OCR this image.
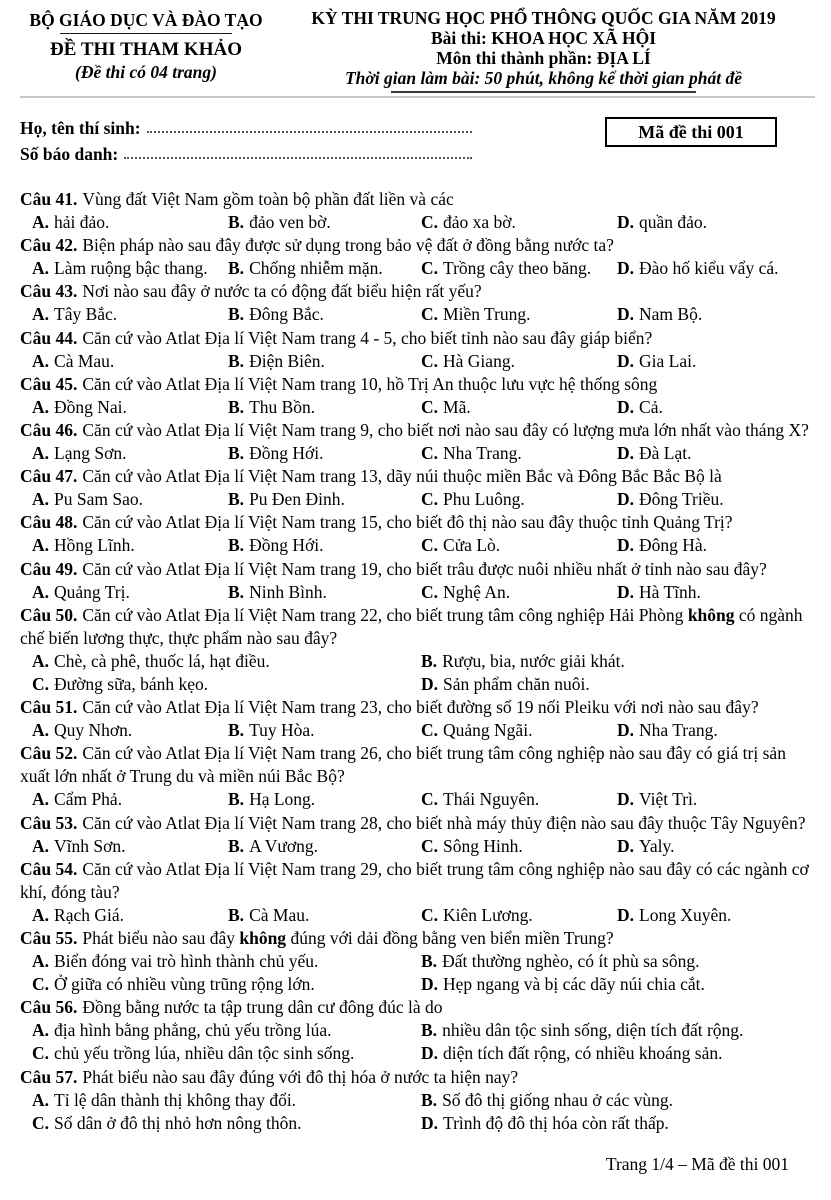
BỘ GIÁO DỤC VÀ ĐÀO TẠO
ĐỀ THI THAM KHẢO
(Đề thi có 04 trang)
KỲ THI TRUNG HỌC PHỔ THÔNG QUỐC GIA NĂM 2019
Bài thi: KHOA HỌC XÃ HỘI
Môn thi thành phần: ĐỊA LÍ
Thời gian làm bài: 50 phút, không kể thời gian phát đề
Họ, tên thí sinh:
Số báo danh:
Mã đề thi 001

Câu 41. Vùng đất Việt Nam gồm toàn bộ phần đất liền và các

A. hải đảo.	B. đảo ven bờ.	C. đảo xa bờ.	D. quần đảo.

Câu 42. Biện pháp nào sau đây được sử dụng trong bảo vệ đất ở đồng bằng nước ta?

A. Làm ruộng bậc thang.	B. Chống nhiễm mặn.	C. Trồng cây theo băng.	D. Đào hố kiểu vẩy cá.

Câu 43. Nơi nào sau đây ở nước ta có động đất biểu hiện rất yếu?

A. Tây Bắc.	B. Đông Bắc.	C. Miền Trung.	D. Nam Bộ.

Câu 44. Căn cứ vào Atlat Địa lí Việt Nam trang 4 - 5, cho biết tỉnh nào sau đây giáp biển?

A. Cà Mau.	B. Điện Biên.	C. Hà Giang.	D. Gia Lai.

Câu 45. Căn cứ vào Atlat Địa lí Việt Nam trang 10, hồ Trị An thuộc lưu vực hệ thống sông

A. Đồng Nai.	B. Thu Bồn.	C. Mã.	D. Cả.

Câu 46. Căn cứ vào Atlat Địa lí Việt Nam trang 9, cho biết nơi nào sau đây có lượng mưa lớn nhất vào tháng X?

A. Lạng Sơn.	B. Đồng Hới.	C. Nha Trang.	D. Đà Lạt.

Câu 47. Căn cứ vào Atlat Địa lí Việt Nam trang 13, dãy núi thuộc miền Bắc và Đông Bắc Bắc Bộ là

A. Pu Sam Sao.	B. Pu Đen Đinh.	C. Phu Luông.	D. Đông Triều.

Câu 48. Căn cứ vào Atlat Địa lí Việt Nam trang 15, cho biết đô thị nào sau đây thuộc tỉnh Quảng Trị?

A. Hồng Lĩnh.	B. Đồng Hới.	C. Cửa Lò.	D. Đông Hà.

Câu 49. Căn cứ vào Atlat Địa lí Việt Nam trang 19, cho biết trâu được nuôi nhiều nhất ở tỉnh nào sau đây?

A. Quảng Trị.	B. Ninh Bình.	C. Nghệ An.	D. Hà Tĩnh.

Câu 50. Căn cứ vào Atlat Địa lí Việt Nam trang 22, cho biết trung tâm công nghiệp Hải Phòng không có ngành chế biến lương thực, thực phẩm nào sau đây?

A. Chè, cà phê, thuốc lá, hạt điều.	B. Rượu, bia, nước giải khát.
C. Đường sữa, bánh kẹo.	D. Sản phẩm chăn nuôi.

Câu 51. Căn cứ vào Atlat Địa lí Việt Nam trang 23, cho biết đường số 19 nối Pleiku với nơi nào sau đây?

A. Quy Nhơn.	B. Tuy Hòa.	C. Quảng Ngãi.	D. Nha Trang.

Câu 52. Căn cứ vào Atlat Địa lí Việt Nam trang 26, cho biết trung tâm công nghiệp nào sau đây có giá trị sản xuất lớn nhất ở Trung du và miền núi Bắc Bộ?

A. Cẩm Phả.	B. Hạ Long.	C. Thái Nguyên.	D. Việt Trì.

Câu 53. Căn cứ vào Atlat Địa lí Việt Nam trang 28, cho biết nhà máy thủy điện nào sau đây thuộc Tây Nguyên?

A. Vĩnh Sơn.	B. A Vương.	C. Sông Hinh.	D. Yaly.

Câu 54. Căn cứ vào Atlat Địa lí Việt Nam trang 29, cho biết trung tâm công nghiệp nào sau đây có các ngành cơ khí, đóng tàu?

A. Rạch Giá.	B. Cà Mau.	C. Kiên Lương.	D. Long Xuyên.

Câu 55. Phát biểu nào sau đây không đúng với dải đồng bằng ven biển miền Trung?

A. Biển đóng vai trò hình thành chủ yếu.	B. Đất thường nghèo, có ít phù sa sông.
C. Ở giữa có nhiều vùng trũng rộng lớn.	D. Hẹp ngang và bị các dãy núi chia cắt.

Câu 56. Đồng bằng nước ta tập trung dân cư đông đúc là do

A. địa hình bằng phẳng, chủ yếu trồng lúa.	B. nhiều dân tộc sinh sống, diện tích đất rộng.
C. chủ yếu trồng lúa, nhiều dân tộc sinh sống.	D. diện tích đất rộng, có nhiều khoáng sản.

Câu 57. Phát biểu nào sau đây đúng với đô thị hóa ở nước ta hiện nay?

A. Tỉ lệ dân thành thị không thay đổi.	B. Số đô thị giống nhau ở các vùng.
C. Số dân ở đô thị nhỏ hơn nông thôn.	D. Trình độ đô thị hóa còn rất thấp.
Trang 1/4 – Mã đề thi 001
